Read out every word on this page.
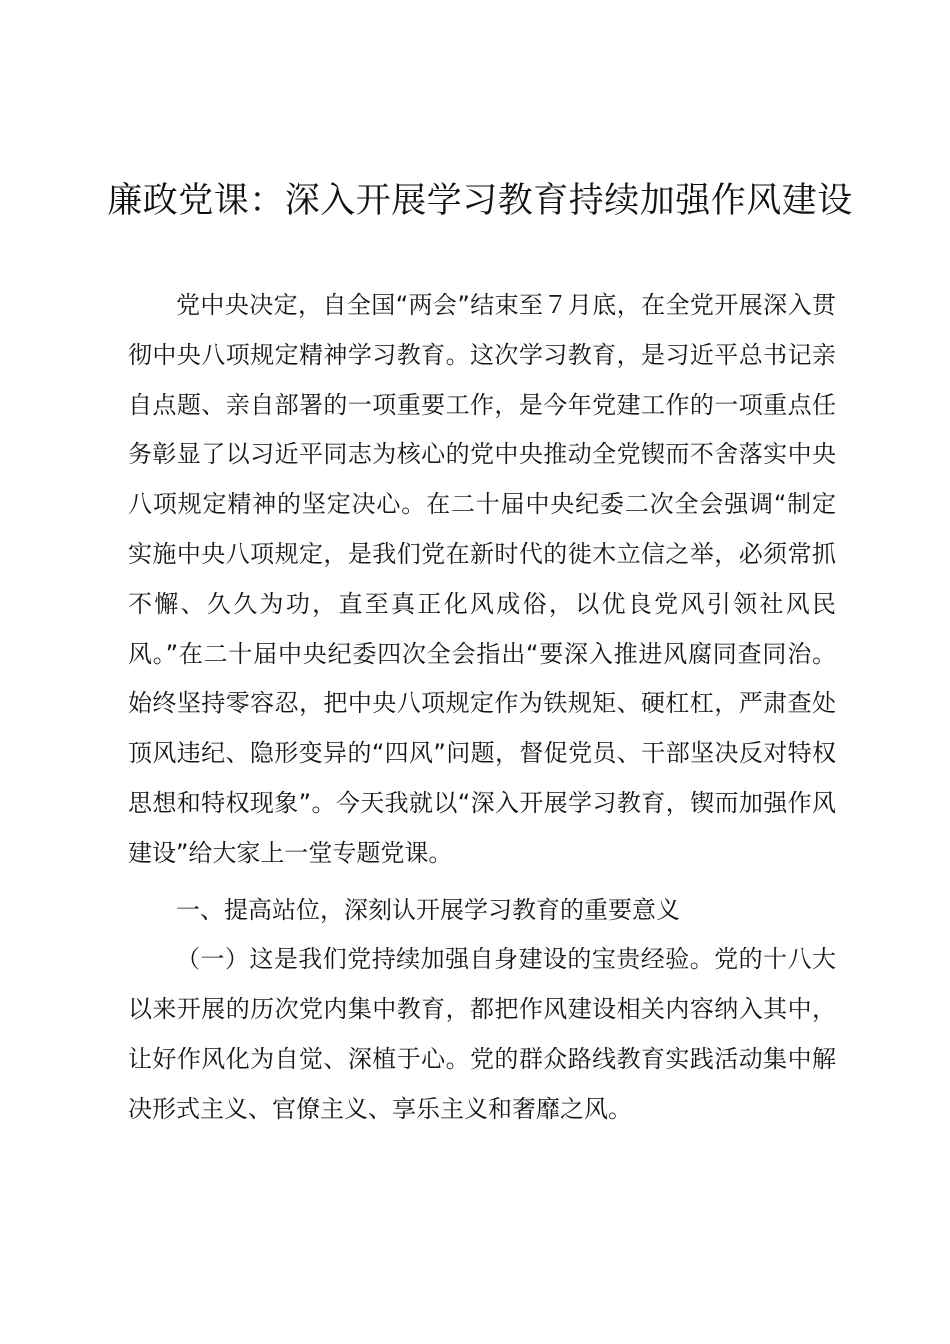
廉政党课：深入开展学习教育持续加强作风建设

党中央决定，自全国“两会”结束至７月底，在全党开展深入贯彻中央八项规定精神学习教育。这次学习教育，是习近平总书记亲自点题、亲自部署的一项重要工作，是今年党建工作的一项重点任务彰显了以习近平同志为核心的党中央推动全党锲而不舍落实中央八项规定精神的坚定决心。在二十届中央纪委二次全会强调“制定实施中央八项规定，是我们党在新时代的徙木立信之举，必须常抓不懈、久久为功，直至真正化风成俗，以优良党风引领社风民风。”在二十届中央纪委四次全会指出“要深入推进风腐同查同治。始终坚持零容忍，把中央八项规定作为铁规矩、硬杠杠，严肃查处顶风违纪、隐形变异的“四风”问题，督促党员、干部坚决反对特权思想和特权现象”。今天我就以“深入开展学习教育，锲而加强作风建设”给大家上一堂专题党课。

一、提高站位，深刻认开展学习教育的重要意义

（一）这是我们党持续加强自身建设的宝贵经验。党的十八大以来开展的历次党内集中教育，都把作风建设相关内容纳入其中，让好作风化为自觉、深植于心。党的群众路线教育实践活动集中解决形式主义、官僚主义、享乐主义和奢靡之风。
